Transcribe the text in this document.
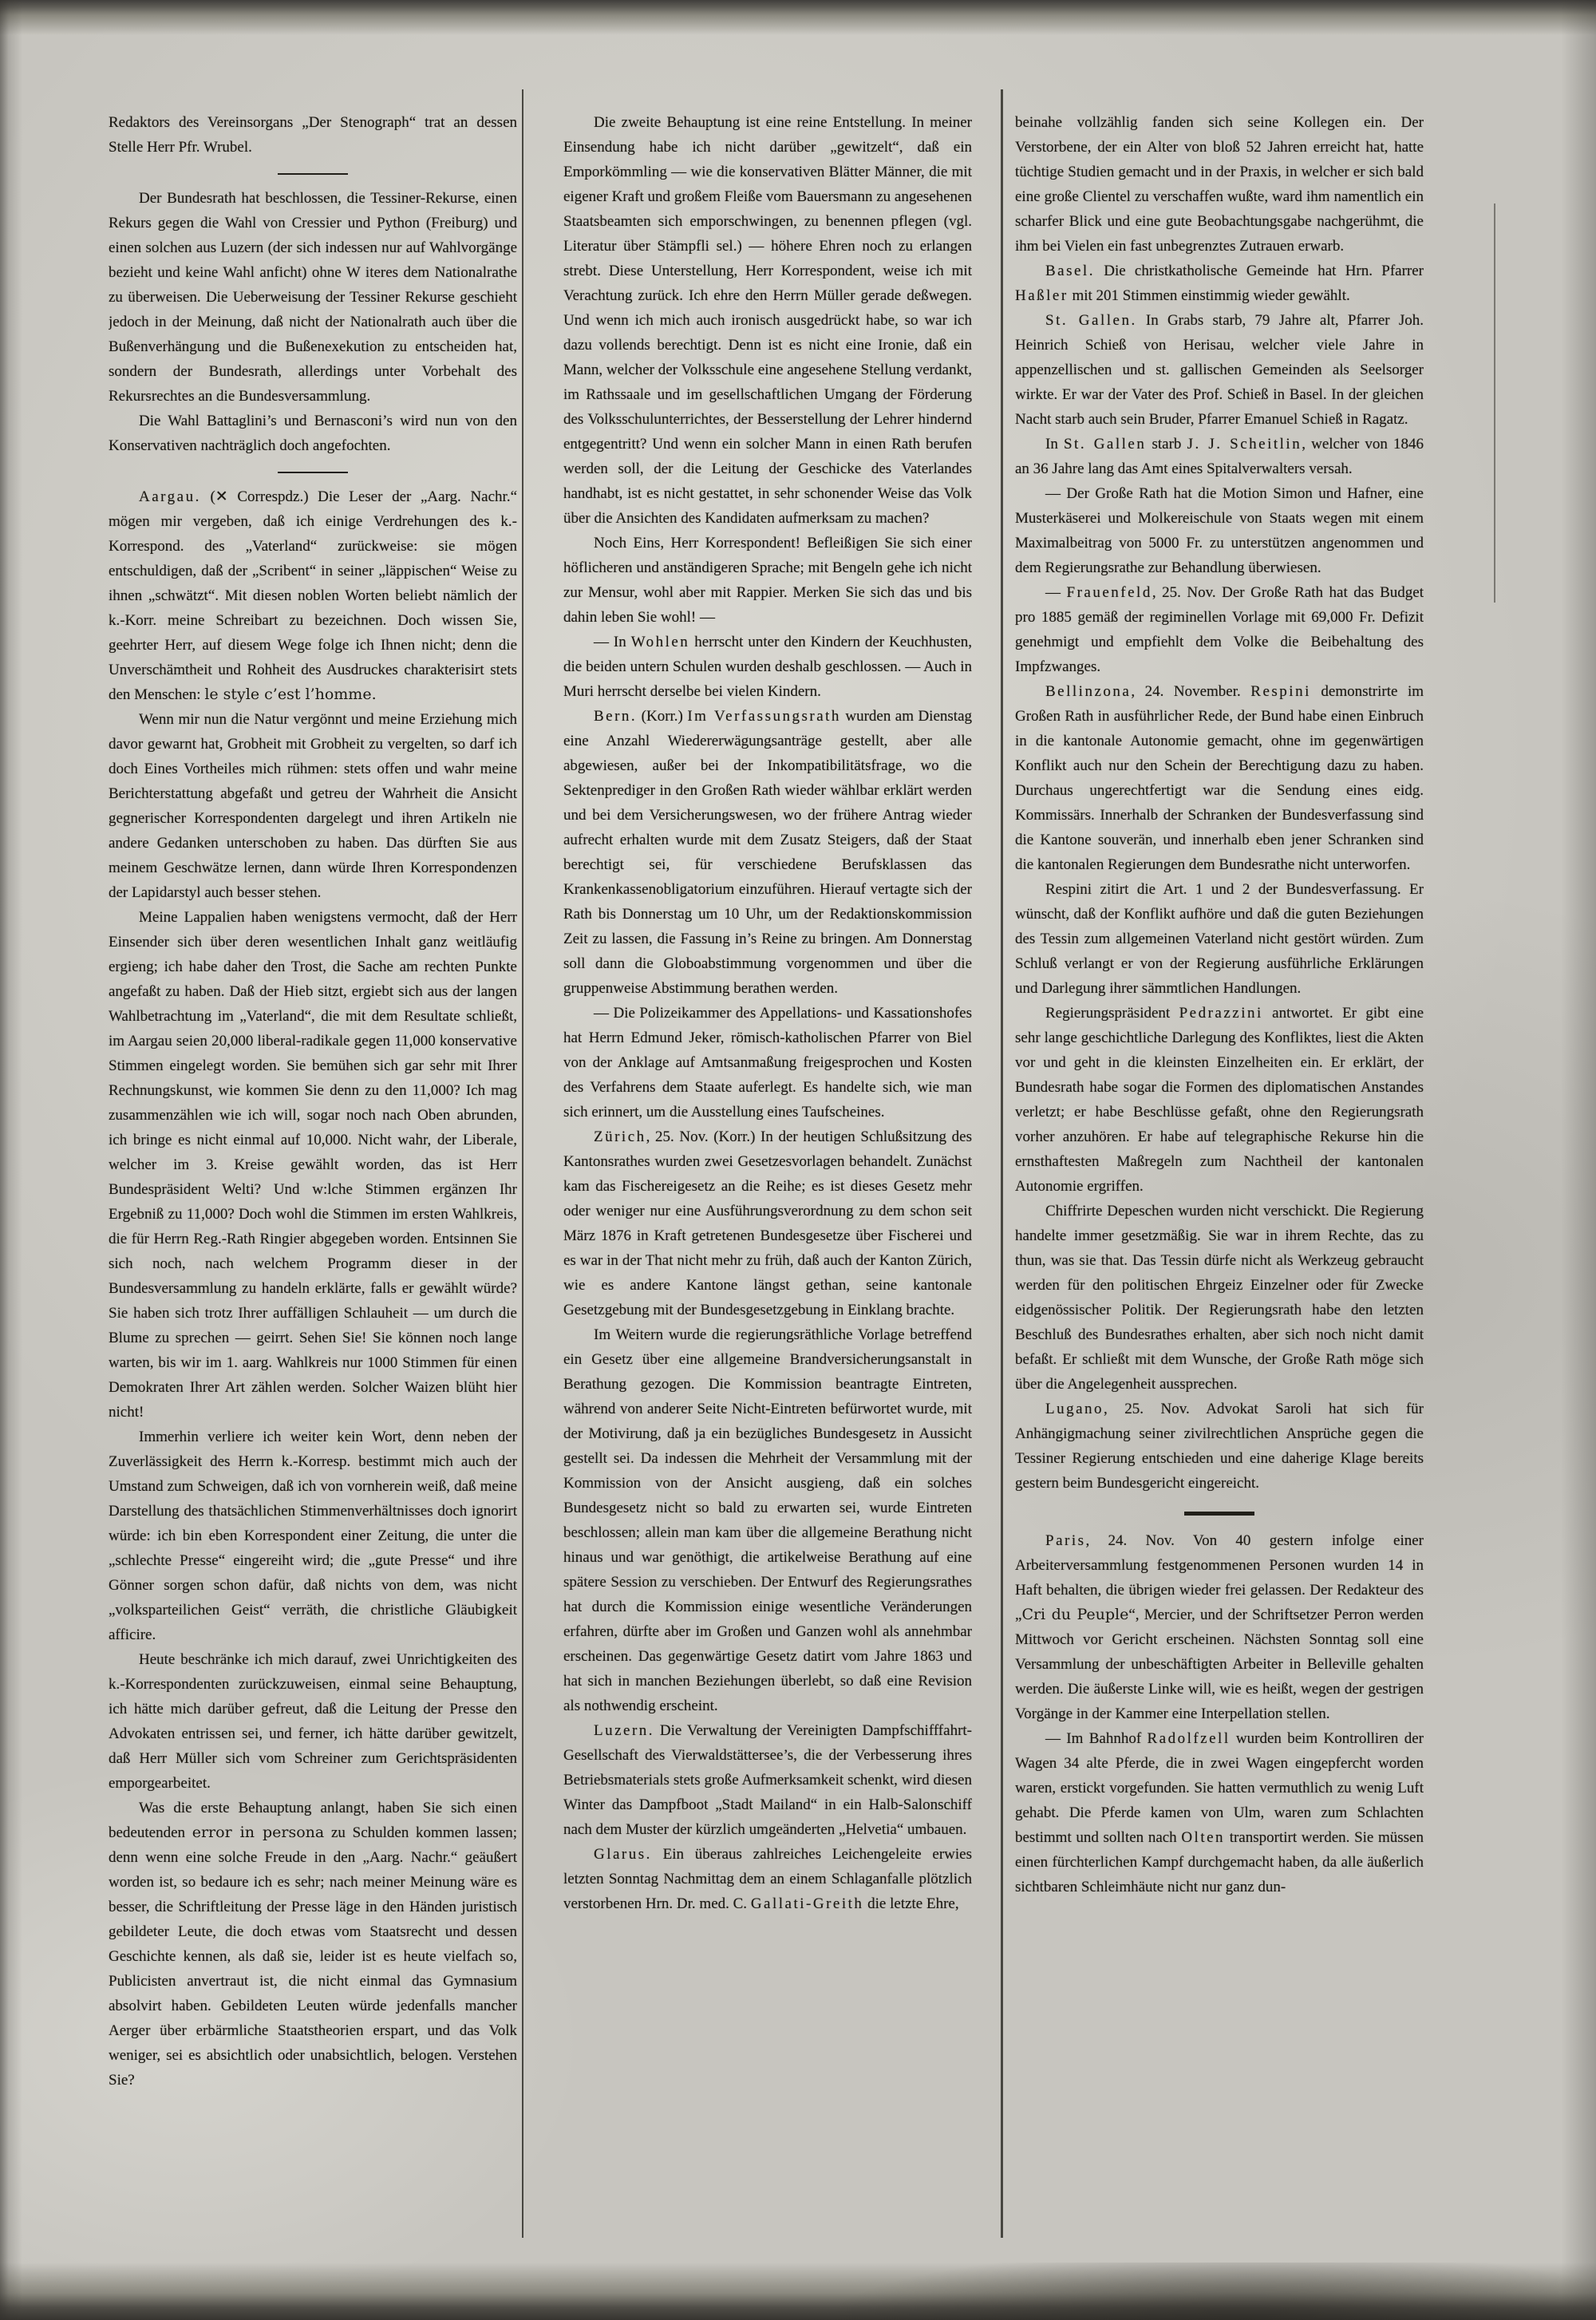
Redaktors des Vereinsorgans „Der Stenograph“ trat an dessen Stelle Herr Pfr. Wrubel.

Der Bundesrath hat beschlossen, die Tessiner-Rekurse, einen Rekurs gegen die Wahl von Cressier und Python (Freiburg) und einen solchen aus Luzern (der sich indessen nur auf Wahlvorgänge bezieht und keine Wahl anficht) ohne W iteres dem Nationalrathe zu überweisen. Die Ueberweisung der Tessiner Rekurse geschieht jedoch in der Meinung, daß nicht der Nationalrath auch über die Bußenverhängung und die Bußenexekution zu entscheiden hat, sondern der Bundesrath, allerdings unter Vorbehalt des Rekursrechtes an die Bundesversammlung.

Die Wahl Battaglini’s und Bernasconi’s wird nun von den Konservativen nachträglich doch angefochten.

Aargau. (✕ Correspdz.) Die Leser der „Aarg. Nachr.“ mögen mir vergeben, daß ich einige Verdrehungen des k.-Korrespond. des „Vaterland“ zurückweise: sie mögen entschuldigen, daß der „Scribent“ in seiner „läppischen“ Weise zu ihnen „schwätzt“. Mit diesen noblen Worten beliebt nämlich der k.-Korr. meine Schreibart zu bezeichnen. Doch wissen Sie, geehrter Herr, auf diesem Wege folge ich Ihnen nicht; denn die Unverschämtheit und Rohheit des Ausdruckes charakterisirt stets den Menschen: le style c’est l’homme.

Wenn mir nun die Natur vergönnt und meine Erziehung mich davor gewarnt hat, Grobheit mit Grobheit zu vergelten, so darf ich doch Eines Vortheiles mich rühmen: stets offen und wahr meine Berichterstattung abgefaßt und getreu der Wahrheit die Ansicht gegnerischer Korrespondenten dargelegt und ihren Artikeln nie andere Gedanken unterschoben zu haben. Das dürften Sie aus meinem Geschwätze lernen, dann würde Ihren Korrespondenzen der Lapidarstyl auch besser stehen.

Meine Lappalien haben wenigstens vermocht, daß der Herr Einsender sich über deren wesentlichen Inhalt ganz weitläufig ergieng; ich habe daher den Trost, die Sache am rechten Punkte angefaßt zu haben. Daß der Hieb sitzt, ergiebt sich aus der langen Wahlbetrachtung im „Vaterland“, die mit dem Resultate schließt, im Aargau seien 20,000 liberal-radikale gegen 11,000 konservative Stimmen eingelegt worden. Sie bemühen sich gar sehr mit Ihrer Rechnungskunst, wie kommen Sie denn zu den 11,000? Ich mag zusammenzählen wie ich will, sogar noch nach Oben abrunden, ich bringe es nicht einmal auf 10,000. Nicht wahr, der Liberale, welcher im 3. Kreise gewählt worden, das ist Herr Bundespräsident Welti? Und w:lche Stimmen ergänzen Ihr Ergebniß zu 11,000? Doch wohl die Stimmen im ersten Wahlkreis, die für Herrn Reg.-Rath Ringier abgegeben worden. Entsinnen Sie sich noch, nach welchem Programm dieser in der Bundesversammlung zu handeln erklärte, falls er gewählt würde? Sie haben sich trotz Ihrer auffälligen Schlauheit — um durch die Blume zu sprechen — geirrt. Sehen Sie! Sie können noch lange warten, bis wir im 1. aarg. Wahlkreis nur 1000 Stimmen für einen Demokraten Ihrer Art zählen werden. Solcher Waizen blüht hier nicht!

Immerhin verliere ich weiter kein Wort, denn neben der Zuverlässigkeit des Herrn k.-Korresp. bestimmt mich auch der Umstand zum Schweigen, daß ich von vornherein weiß, daß meine Darstellung des thatsächlichen Stimmenverhältnisses doch ignorirt würde: ich bin eben Korrespondent einer Zeitung, die unter die „schlechte Presse“ eingereiht wird; die „gute Presse“ und ihre Gönner sorgen schon dafür, daß nichts von dem, was nicht „volksparteilichen Geist“ verräth, die christliche Gläubigkeit afficire.

Heute beschränke ich mich darauf, zwei Unrichtigkeiten des k.-Korrespondenten zurückzuweisen, einmal seine Behauptung, ich hätte mich darüber gefreut, daß die Leitung der Presse den Advokaten entrissen sei, und ferner, ich hätte darüber gewitzelt, daß Herr Müller sich vom Schreiner zum Gerichtspräsidenten emporgearbeitet.

Was die erste Behauptung anlangt, haben Sie sich einen bedeutenden error in persona zu Schulden kommen lassen; denn wenn eine solche Freude in den „Aarg. Nachr.“ geäußert worden ist, so bedaure ich es sehr; nach meiner Meinung wäre es besser, die Schriftleitung der Presse läge in den Händen juristisch gebildeter Leute, die doch etwas vom Staatsrecht und dessen Geschichte kennen, als daß sie, leider ist es heute vielfach so, Publicisten anvertraut ist, die nicht einmal das Gymnasium absolvirt haben. Gebildeten Leuten würde jedenfalls mancher Aerger über erbärmliche Staatstheorien erspart, und das Volk weniger, sei es absichtlich oder unabsichtlich, belogen. Verstehen Sie?

Die zweite Behauptung ist eine reine Entstellung. In meiner Einsendung habe ich nicht darüber „gewitzelt“, daß ein Emporkömmling — wie die konservativen Blätter Männer, die mit eigener Kraft und großem Fleiße vom Bauersmann zu angesehenen Staatsbeamten sich emporschwingen, zu benennen pflegen (vgl. Literatur über Stämpfli sel.) — höhere Ehren noch zu erlangen strebt. Diese Unterstellung, Herr Korrespondent, weise ich mit Verachtung zurück. Ich ehre den Herrn Müller gerade deßwegen. Und wenn ich mich auch ironisch ausgedrückt habe, so war ich dazu vollends berechtigt. Denn ist es nicht eine Ironie, daß ein Mann, welcher der Volksschule eine angesehene Stellung verdankt, im Rathssaale und im gesellschaftlichen Umgang der Förderung des Volksschulunterrichtes, der Besserstellung der Lehrer hindernd entgegentritt? Und wenn ein solcher Mann in einen Rath berufen werden soll, der die Leitung der Geschicke des Vaterlandes handhabt, ist es nicht gestattet, in sehr schonender Weise das Volk über die Ansichten des Kandidaten aufmerksam zu machen?

Noch Eins, Herr Korrespondent! Befleißigen Sie sich einer höflicheren und anständigeren Sprache; mit Bengeln gehe ich nicht zur Mensur, wohl aber mit Rappier. Merken Sie sich das und bis dahin leben Sie wohl! —

— In Wohlen herrscht unter den Kindern der Keuchhusten, die beiden untern Schulen wurden deshalb geschlossen. — Auch in Muri herrscht derselbe bei vielen Kindern.

Bern. (Korr.) Im Verfassungsrath wurden am Dienstag eine Anzahl Wiedererwägungsanträge gestellt, aber alle abgewiesen, außer bei der Inkompatibilitätsfrage, wo die Sektenprediger in den Großen Rath wieder wählbar erklärt werden und bei dem Versicherungswesen, wo der frühere Antrag wieder aufrecht erhalten wurde mit dem Zusatz Steigers, daß der Staat berechtigt sei, für verschiedene Berufsklassen das Krankenkassenobligatorium einzuführen. Hierauf vertagte sich der Rath bis Donnerstag um 10 Uhr, um der Redaktionskommission Zeit zu lassen, die Fassung in’s Reine zu bringen. Am Donnerstag soll dann die Globoabstimmung vorgenommen und über die gruppenweise Abstimmung berathen werden.

— Die Polizeikammer des Appellations- und Kassationshofes hat Herrn Edmund Jeker, römisch-katholischen Pfarrer von Biel von der Anklage auf Amtsanmaßung freigesprochen und Kosten des Verfahrens dem Staate auferlegt. Es handelte sich, wie man sich erinnert, um die Ausstellung eines Taufscheines.

Zürich, 25. Nov. (Korr.) In der heutigen Schlußsitzung des Kantonsrathes wurden zwei Gesetzesvorlagen behandelt. Zunächst kam das Fischereigesetz an die Reihe; es ist dieses Gesetz mehr oder weniger nur eine Ausführungsverordnung zu dem schon seit März 1876 in Kraft getretenen Bundesgesetze über Fischerei und es war in der That nicht mehr zu früh, daß auch der Kanton Zürich, wie es andere Kantone längst gethan, seine kantonale Gesetzgebung mit der Bundesgesetzgebung in Einklang brachte.

Im Weitern wurde die regierungsräthliche Vorlage betreffend ein Gesetz über eine allgemeine Brandversicherungsanstalt in Berathung gezogen. Die Kommission beantragte Eintreten, während von anderer Seite Nicht-Eintreten befürwortet wurde, mit der Motivirung, daß ja ein bezügliches Bundesgesetz in Aussicht gestellt sei. Da indessen die Mehrheit der Versammlung mit der Kommission von der Ansicht ausgieng, daß ein solches Bundesgesetz nicht so bald zu erwarten sei, wurde Eintreten beschlossen; allein man kam über die allgemeine Berathung nicht hinaus und war genöthigt, die artikelweise Berathung auf eine spätere Session zu verschieben. Der Entwurf des Regierungsrathes hat durch die Kommission einige wesentliche Veränderungen erfahren, dürfte aber im Großen und Ganzen wohl als annehmbar erscheinen. Das gegenwärtige Gesetz datirt vom Jahre 1863 und hat sich in manchen Beziehungen überlebt, so daß eine Revision als nothwendig erscheint.

Luzern. Die Verwaltung der Vereinigten Dampfschifffahrt-Gesellschaft des Vierwaldstättersee’s, die der Verbesserung ihres Betriebsmaterials stets große Aufmerksamkeit schenkt, wird diesen Winter das Dampfboot „Stadt Mailand“ in ein Halb-Salonschiff nach dem Muster der kürzlich umgeänderten „Helvetia“ umbauen.

Glarus. Ein überaus zahlreiches Leichengeleite erwies letzten Sonntag Nachmittag dem an einem Schlaganfalle plötzlich verstorbenen Hrn. Dr. med. C. Gallati-Greith die letzte Ehre,

beinahe vollzählig fanden sich seine Kollegen ein. Der Verstorbene, der ein Alter von bloß 52 Jahren erreicht hat, hatte tüchtige Studien gemacht und in der Praxis, in welcher er sich bald eine große Clientel zu verschaffen wußte, ward ihm namentlich ein scharfer Blick und eine gute Beobachtungsgabe nachgerühmt, die ihm bei Vielen ein fast unbegrenztes Zutrauen erwarb.

Basel. Die christkatholische Gemeinde hat Hrn. Pfarrer Haßler mit 201 Stimmen einstimmig wieder gewählt.

St. Gallen. In Grabs starb, 79 Jahre alt, Pfarrer Joh. Heinrich Schieß von Herisau, welcher viele Jahre in appenzellischen und st. gallischen Gemeinden als Seelsorger wirkte. Er war der Vater des Prof. Schieß in Basel. In der gleichen Nacht starb auch sein Bruder, Pfarrer Emanuel Schieß in Ragatz.

In St. Gallen starb J. J. Scheitlin, welcher von 1846 an 36 Jahre lang das Amt eines Spitalverwalters versah.

— Der Große Rath hat die Motion Simon und Hafner, eine Musterkäserei und Molkereischule von Staats wegen mit einem Maximalbeitrag von 5000 Fr. zu unterstützen angenommen und dem Regierungsrathe zur Behandlung überwiesen.

— Frauenfeld, 25. Nov. Der Große Rath hat das Budget pro 1885 gemäß der regiminellen Vorlage mit 69,000 Fr. Defizit genehmigt und empfiehlt dem Volke die Beibehaltung des Impfzwanges.

Bellinzona, 24. November. Respini demonstrirte im Großen Rath in ausführlicher Rede, der Bund habe einen Einbruch in die kantonale Autonomie gemacht, ohne im gegenwärtigen Konflikt auch nur den Schein der Berechtigung dazu zu haben. Durchaus ungerechtfertigt war die Sendung eines eidg. Kommissärs. Innerhalb der Schranken der Bundesverfassung sind die Kantone souverän, und innerhalb eben jener Schranken sind die kantonalen Regierungen dem Bundesrathe nicht unterworfen.

Respini zitirt die Art. 1 und 2 der Bundesverfassung. Er wünscht, daß der Konflikt aufhöre und daß die guten Beziehungen des Tessin zum allgemeinen Vaterland nicht gestört würden. Zum Schluß verlangt er von der Regierung ausführliche Erklärungen und Darlegung ihrer sämmtlichen Handlungen.

Regierungspräsident Pedrazzini antwortet. Er gibt eine sehr lange geschichtliche Darlegung des Konfliktes, liest die Akten vor und geht in die kleinsten Einzelheiten ein. Er erklärt, der Bundesrath habe sogar die Formen des diplomatischen Anstandes verletzt; er habe Beschlüsse gefaßt, ohne den Regierungsrath vorher anzuhören. Er habe auf telegraphische Rekurse hin die ernsthaftesten Maßregeln zum Nachtheil der kantonalen Autonomie ergriffen.

Chiffrirte Depeschen wurden nicht verschickt. Die Regierung handelte immer gesetzmäßig. Sie war in ihrem Rechte, das zu thun, was sie that. Das Tessin dürfe nicht als Werkzeug gebraucht werden für den politischen Ehrgeiz Einzelner oder für Zwecke eidgenössischer Politik. Der Regierungsrath habe den letzten Beschluß des Bundesrathes erhalten, aber sich noch nicht damit befaßt. Er schließt mit dem Wunsche, der Große Rath möge sich über die Angelegenheit aussprechen.

Lugano, 25. Nov. Advokat Saroli hat sich für Anhängigmachung seiner zivilrechtlichen Ansprüche gegen die Tessiner Regierung entschieden und eine daherige Klage bereits gestern beim Bundesgericht eingereicht.

Paris, 24. Nov. Von 40 gestern infolge einer Arbeiterversammlung festgenommenen Personen wurden 14 in Haft behalten, die übrigen wieder frei gelassen. Der Redakteur des „Cri du Peuple“, Mercier, und der Schriftsetzer Perron werden Mittwoch vor Gericht erscheinen. Nächsten Sonntag soll eine Versammlung der unbeschäftigten Arbeiter in Belleville gehalten werden. Die äußerste Linke will, wie es heißt, wegen der gestrigen Vorgänge in der Kammer eine Interpellation stellen.

— Im Bahnhof Radolfzell wurden beim Kontrolliren der Wagen 34 alte Pferde, die in zwei Wagen eingepfercht worden waren, erstickt vorgefunden. Sie hatten vermuthlich zu wenig Luft gehabt. Die Pferde kamen von Ulm, waren zum Schlachten bestimmt und sollten nach Olten transportirt werden. Sie müssen einen fürchterlichen Kampf durchgemacht haben, da alle äußerlich sichtbaren Schleimhäute nicht nur ganz dun-
